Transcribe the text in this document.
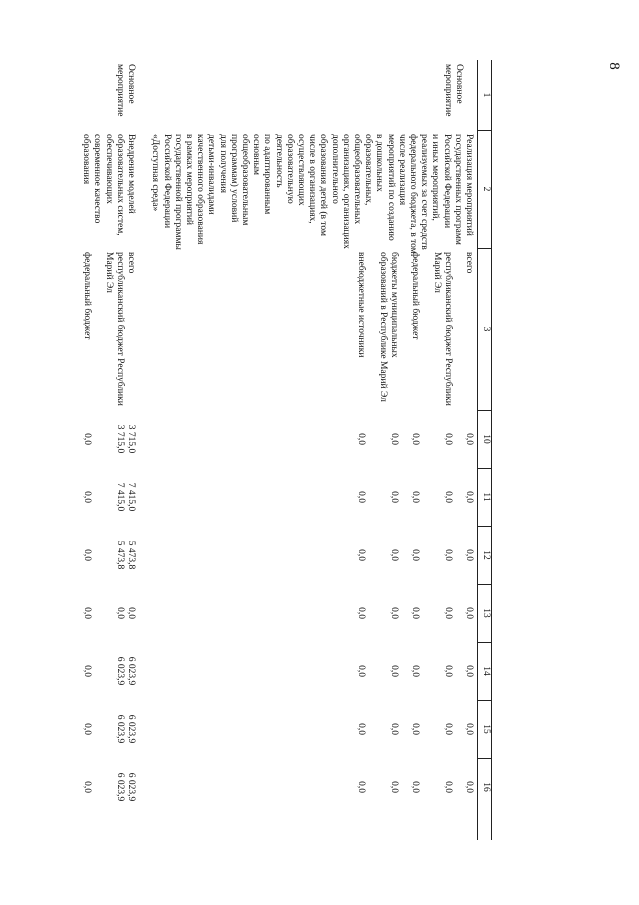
8
1
2
3
10
11
12
13
14
15
16
Основное
мероприятие
Реализация мероприятий
государственных программ
Российской Федерации
и иных мероприятий,
реализуемых за счет средств
федерального бюджета, в том
числе реализация
мероприятий по созданию
в дошкольных
образовательных,
общеобразовательных
организациях, организациях
дополнительного
образования детей (в том
числе в организациях,
осуществляющих
образовательную
деятельность
по адаптированным
основным
общеобразовательным
программам) условий
для получения
детьми-инвалидами
качественного образования
в рамках мероприятий
государственной программы
Российской Федерации
«Доступная среда»
всего
республиканский бюджет Республики Марий Эл
федеральный бюджет
бюджеты муниципальных образований в Республике Марий Эл
внебюджетные источники
Основное
мероприятие
Внедрение моделей
образовательных систем,
обеспечивающих
современное качество
образования
всего
республиканский бюджет Республики Марий Эл
федеральный бюджет
0,0
0,0
0,0
0,0
0,0
0,0
0,0
0,0
0,0
0,0
0,0
0,0
0,0
0,0
0,0
0,0
0,0
0,0
0,0
0,0
0,0
0,0
0,0
0,0
0,0
0,0
0,0
0,0
0,0
0,0
0,0
0,0
0,0
0,0
0,0
3 715,0
7 415,0
5 473,8
0,0
6 023,9
6 023,9
6 023,9
3 715,0
7 415,0
5 473,8
0,0
6 023,9
6 023,9
6 023,9
0,0
0,0
0,0
0,0
0,0
0,0
0,0
